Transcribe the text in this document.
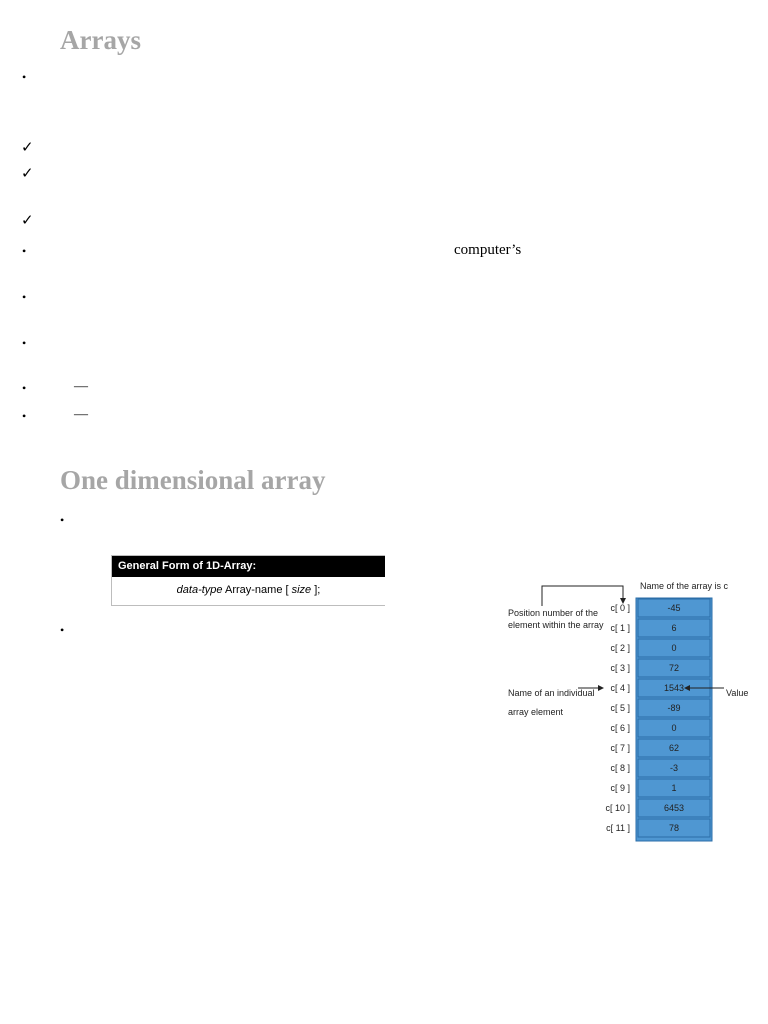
Arrays
•
✓
✓
✓
•	computer’s
•
•
•	—
•	—
One dimensional array
•
General Form of 1D-Array:
data-type Array-name [ size ];
•
Name of the array is c
Position number of the
element within the array
Name of an individual
array element
Value
c[ 0 ]	-45
c[ 1 ]	6
c[ 2 ]	0
c[ 3 ]	72
c[ 4 ]	1543
c[ 5 ]	-89
c[ 6 ]	0
c[ 7 ]	62
c[ 8 ]	-3
c[ 9 ]	1
c[ 10 ]	6453
c[ 11 ]	78
